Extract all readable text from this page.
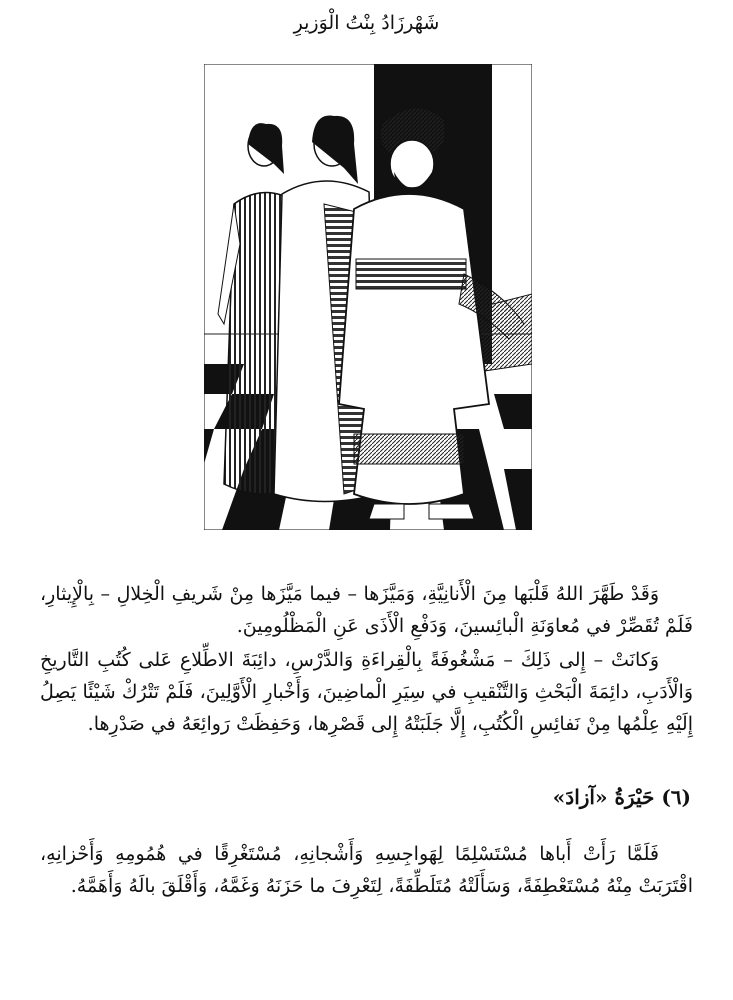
شَهْرزَادُ بِنْتُ الْوَزيرِ

وَقَدْ طَهَّرَ اللهُ قَلْبَها مِنَ الْأَنانِيَّةِ، وَمَيَّزَها – فيما مَيَّزَها مِنْ شَريفِ الْخِلالِ – بِالْإِيثارِ، فَلَمْ تُقَصِّرْ في مُعاوَنَةِ الْبائِسينَ، وَدَفْعِ الْأَذَى عَنِ الْمَظْلُومِينَ.

وَكانَتْ – إِلى ذَلِكَ – مَشْغُوفَةً بِالْقِراءَةِ وَالدَّرْسِ، دائِبَةَ الاطِّلاعِ عَلى كُتُبِ التَّاريخِ وَالْأَدَبِ، دائِمَةَ الْبَحْثِ وَالتَّنْقيبِ في سِيَرِ الْماضِينَ، وَأَخْبارِ الْأَوَّلِينَ، فَلَمْ تَتْرُكْ شَيْئًا يَصِلُ إِلَيْهِ عِلْمُها مِنْ نَفائِسِ الْكُتُبِ، إِلَّا جَلَبَتْهُ إِلى قَصْرِها، وَحَفِظَتْ رَوائِعَهُ في صَدْرِها.

(٦) حَيْرَةُ «آزادَ»

فَلَمَّا رَأَتْ أَباها مُسْتَسْلِمًا لِهَواجِسِهِ وَأَشْجانِهِ، مُسْتَغْرِقًا في هُمُومِهِ وَأَحْزانِهِ، اقْتَرَبَتْ مِنْهُ مُسْتَعْطِفَةً، وَسَأَلَتْهُ مُتَلَطِّفَةً، لِتَعْرِفَ ما حَزَنَهُ وَغَمَّهُ، وَأَقْلَقَ بالَهُ وَأَهَمَّهُ.
